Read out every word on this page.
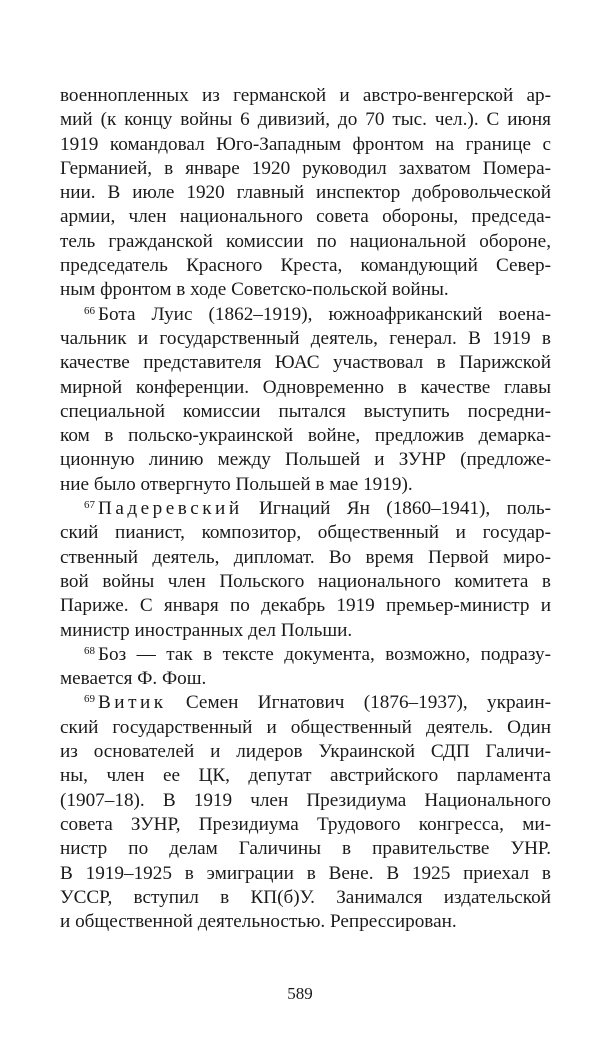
военнопленных из германской и австро-венгерской ар-
мий (к концу войны 6 дивизий, до 70 тыс. чел.). С июня
1919 командовал Юго-Западным фронтом на границе с
Германией, в январе 1920 руководил захватом Помера-
нии. В июле 1920 главный инспектор добровольческой
армии, член национального совета обороны, председа-
тель гражданской комиссии по национальной обороне,
председатель Красного Креста, командующий Север-
ным фронтом в ходе Советско-польской войны.
$^{66}$ Бота Луис (1862–1919), южноафриканский военa-
чальник и государственный деятель, генерал. В 1919 в
качестве представителя ЮАС участвовал в Парижской
мирной конференции. Одновременно в качестве главы
специальной комиссии пытался выступить посредни-
ком в польско-украинской войне, предложив демарка-
ционную линию между Польшей и ЗУНР (предложе-
ние было отвергнуто Польшей в мае 1919).
$^{67}$ Падеревский Игнаций Ян (1860–1941), поль-
ский пианист, композитор, общественный и государ-
ственный деятель, дипломат. Во время Первой миро-
вой войны член Польского национального комитета в
Париже. С января по декабрь 1919 премьер-министр и
министр иностранных дел Польши.
$^{68}$ Боз — так в тексте документа, возможно, подразу-
мевается Ф. Фош.
$^{69}$ Витик Семен Игнатович (1876–1937), украин-
ский государственный и общественный деятель. Один
из основателей и лидеров Украинской СДП Галичи-
ны, член ее ЦК, депутат австрийского парламента
(1907–18). В 1919 член Президиума Национального
совета ЗУНР, Президиума Трудового конгресса, ми-
нистр по делам Галичины в правительстве УНР.
В 1919–1925 в эмиграции в Вене. В 1925 приехал в
УССР, вступил в КП(б)У. Занимался издательской
и общественной деятельностью. Репрессирован.
589
